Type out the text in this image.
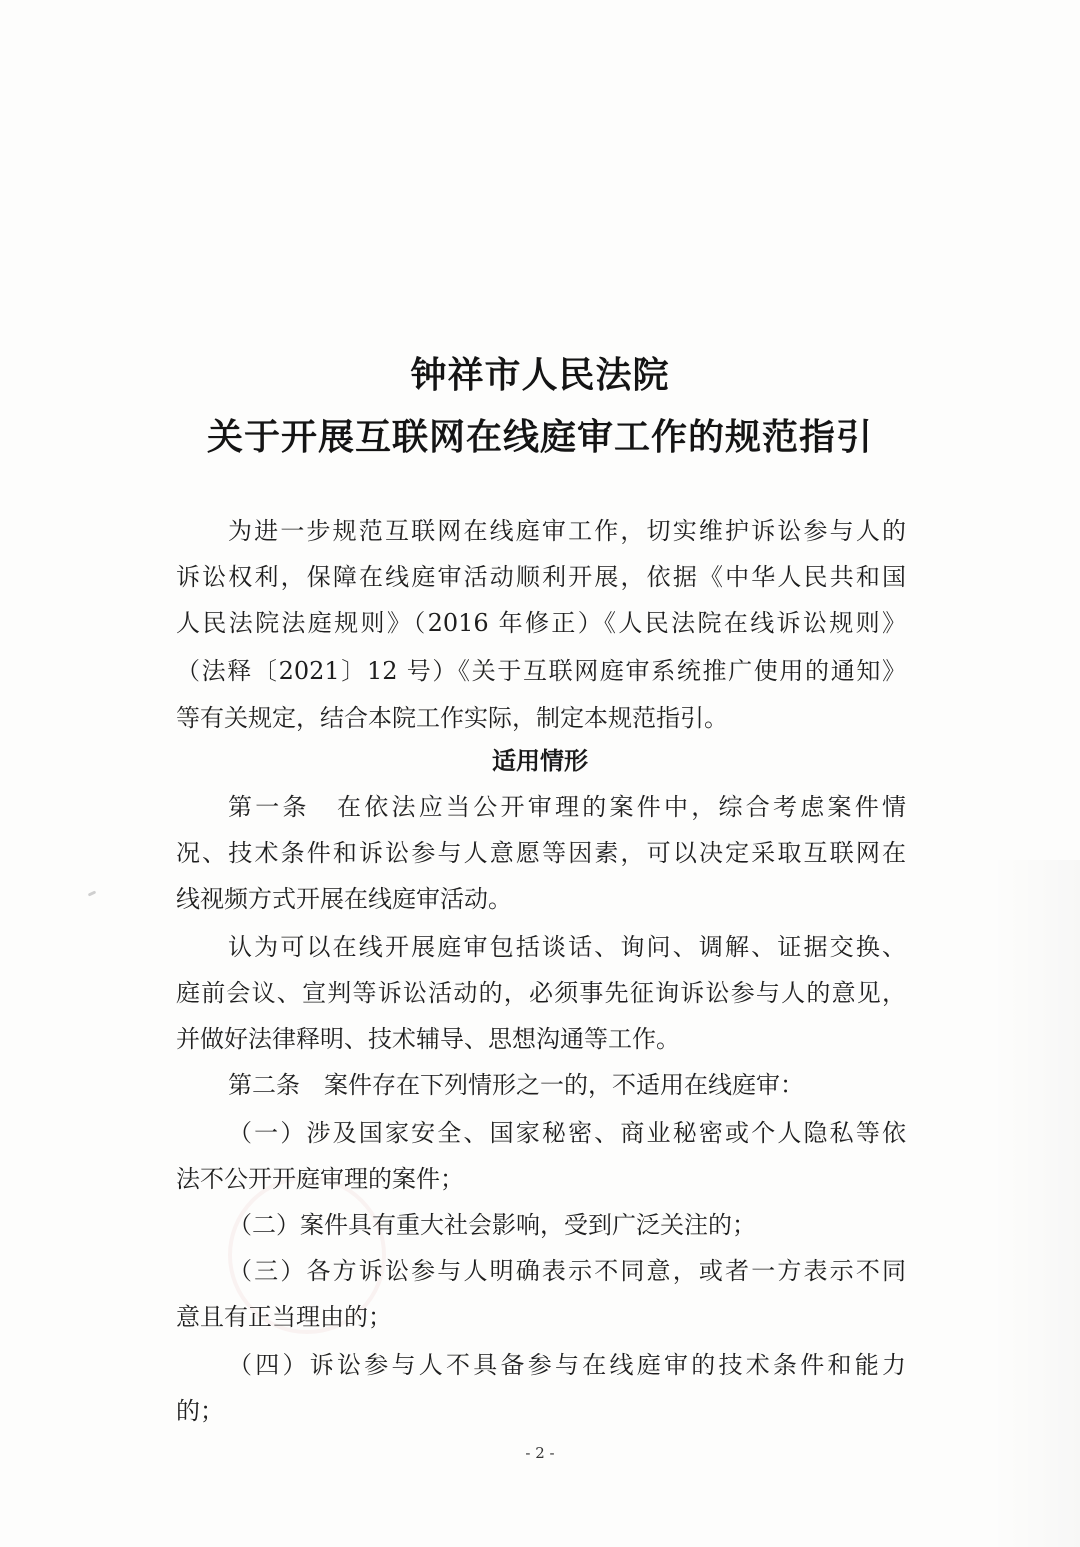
钟祥市人民法院
关于开展互联网在线庭审工作的规范指引
为进一步规范互联网在线庭审工作，切实维护诉讼参与人的
诉讼权利，保障在线庭审活动顺利开展，依据《中华人民共和国
人民法院法庭规则》（2016 年修正）《人民法院在线诉讼规则》
（法释〔2021〕12 号）《关于互联网庭审系统推广使用的通知》
等有关规定，结合本院工作实际，制定本规范指引。
适用情形
第一条　在依法应当公开审理的案件中，综合考虑案件情
况、技术条件和诉讼参与人意愿等因素，可以决定采取互联网在
线视频方式开展在线庭审活动。
认为可以在线开展庭审包括谈话、询问、调解、证据交换、
庭前会议、宣判等诉讼活动的，必须事先征询诉讼参与人的意见，
并做好法律释明、技术辅导、思想沟通等工作。
第二条　案件存在下列情形之一的，不适用在线庭审：
（一）涉及国家安全、国家秘密、商业秘密或个人隐私等依
法不公开开庭审理的案件；
（二）案件具有重大社会影响，受到广泛关注的；
（三）各方诉讼参与人明确表示不同意，或者一方表示不同
意且有正当理由的；
（四）诉讼参与人不具备参与在线庭审的技术条件和能力
的；
- 2 -
